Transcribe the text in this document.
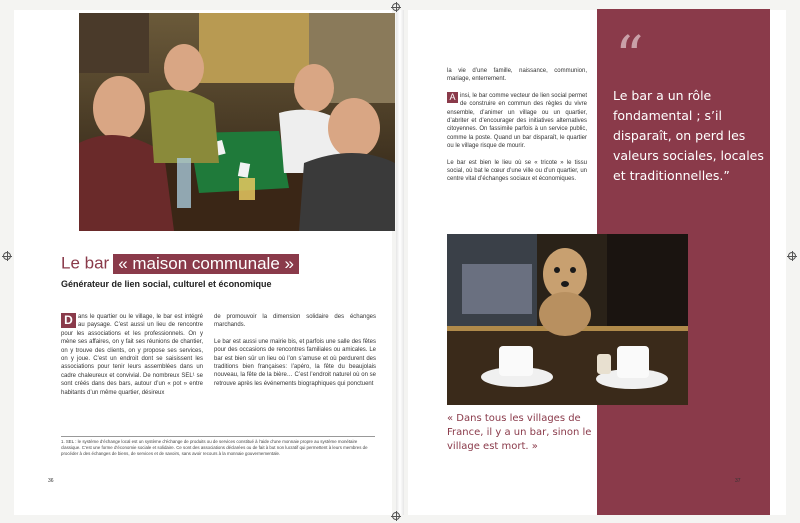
Le bar « maison communale »
Générateur de lien social, culturel et économique
D ans le quartier ou le village, le bar est intégré au paysage. C’est aussi un lieu de rencontre pour les associations et les professionnels. On y mène ses affaires, on y fait ses réunions de chantier, on y trouve des clients, on y propose ses services, on y joue. C’est un endroit dont se saisissent les associations pour tenir leurs assemblées dans un cadre chaleureux et convivial. De nombreux SEL¹ se sont créés dans des bars, autour d’un « pot » entre habitants d’un même quartier, désireux

de promouvoir la dimension solidaire des échanges marchands.

Le bar est aussi une mairie bis, et parfois une salle des fêtes pour des occasions de rencontres familiales ou amicales. Le bar est bien sûr un lieu où l’on s’amuse et où perdurent des traditions bien françaises: l’apéro, la fête du beaujolais nouveau, la fête de la bière… C’est l’endroit naturel où on se retrouve après les événements biographiques qui ponctuent

1. SEL : le système d’échange local est un système d’échange de produits ou de services constitué à l’aide d’une monnaie propre au système monétaire classique. C’est une forme d’économie sociale et solidaire. Ce sont des associations déclarées ou de fait à but non lucratif qui permettent à leurs membres de procéder à des échanges de biens, de services et de savoirs, sans avoir recours à la monnaie gouvernementale.
36

la vie d’une famille, naissance, communion, mariage, enterrement.

A insi, le bar comme vecteur de lien social permet de construire en commun des règles du vivre ensemble, d’animer un village ou un quartier, d’abriter et d’encourager des initiatives alternatives citoyennes. On fassimile parfois à un service public, comme la poste. Quand un bar disparaît, le quartier ou le village risque de mourir.

Le bar est bien le lieu où se « tricote » le tissu social, où bat le cœur d’une ville ou d’un quartier, un centre vital d’échanges sociaux et économiques.

“
Le bar a un rôle fondamental ; s’il disparaît, on perd les valeurs sociales, locales et traditionnelles.”
« Dans tous les villages de France, il y a un bar, sinon le village est mort. »
37
